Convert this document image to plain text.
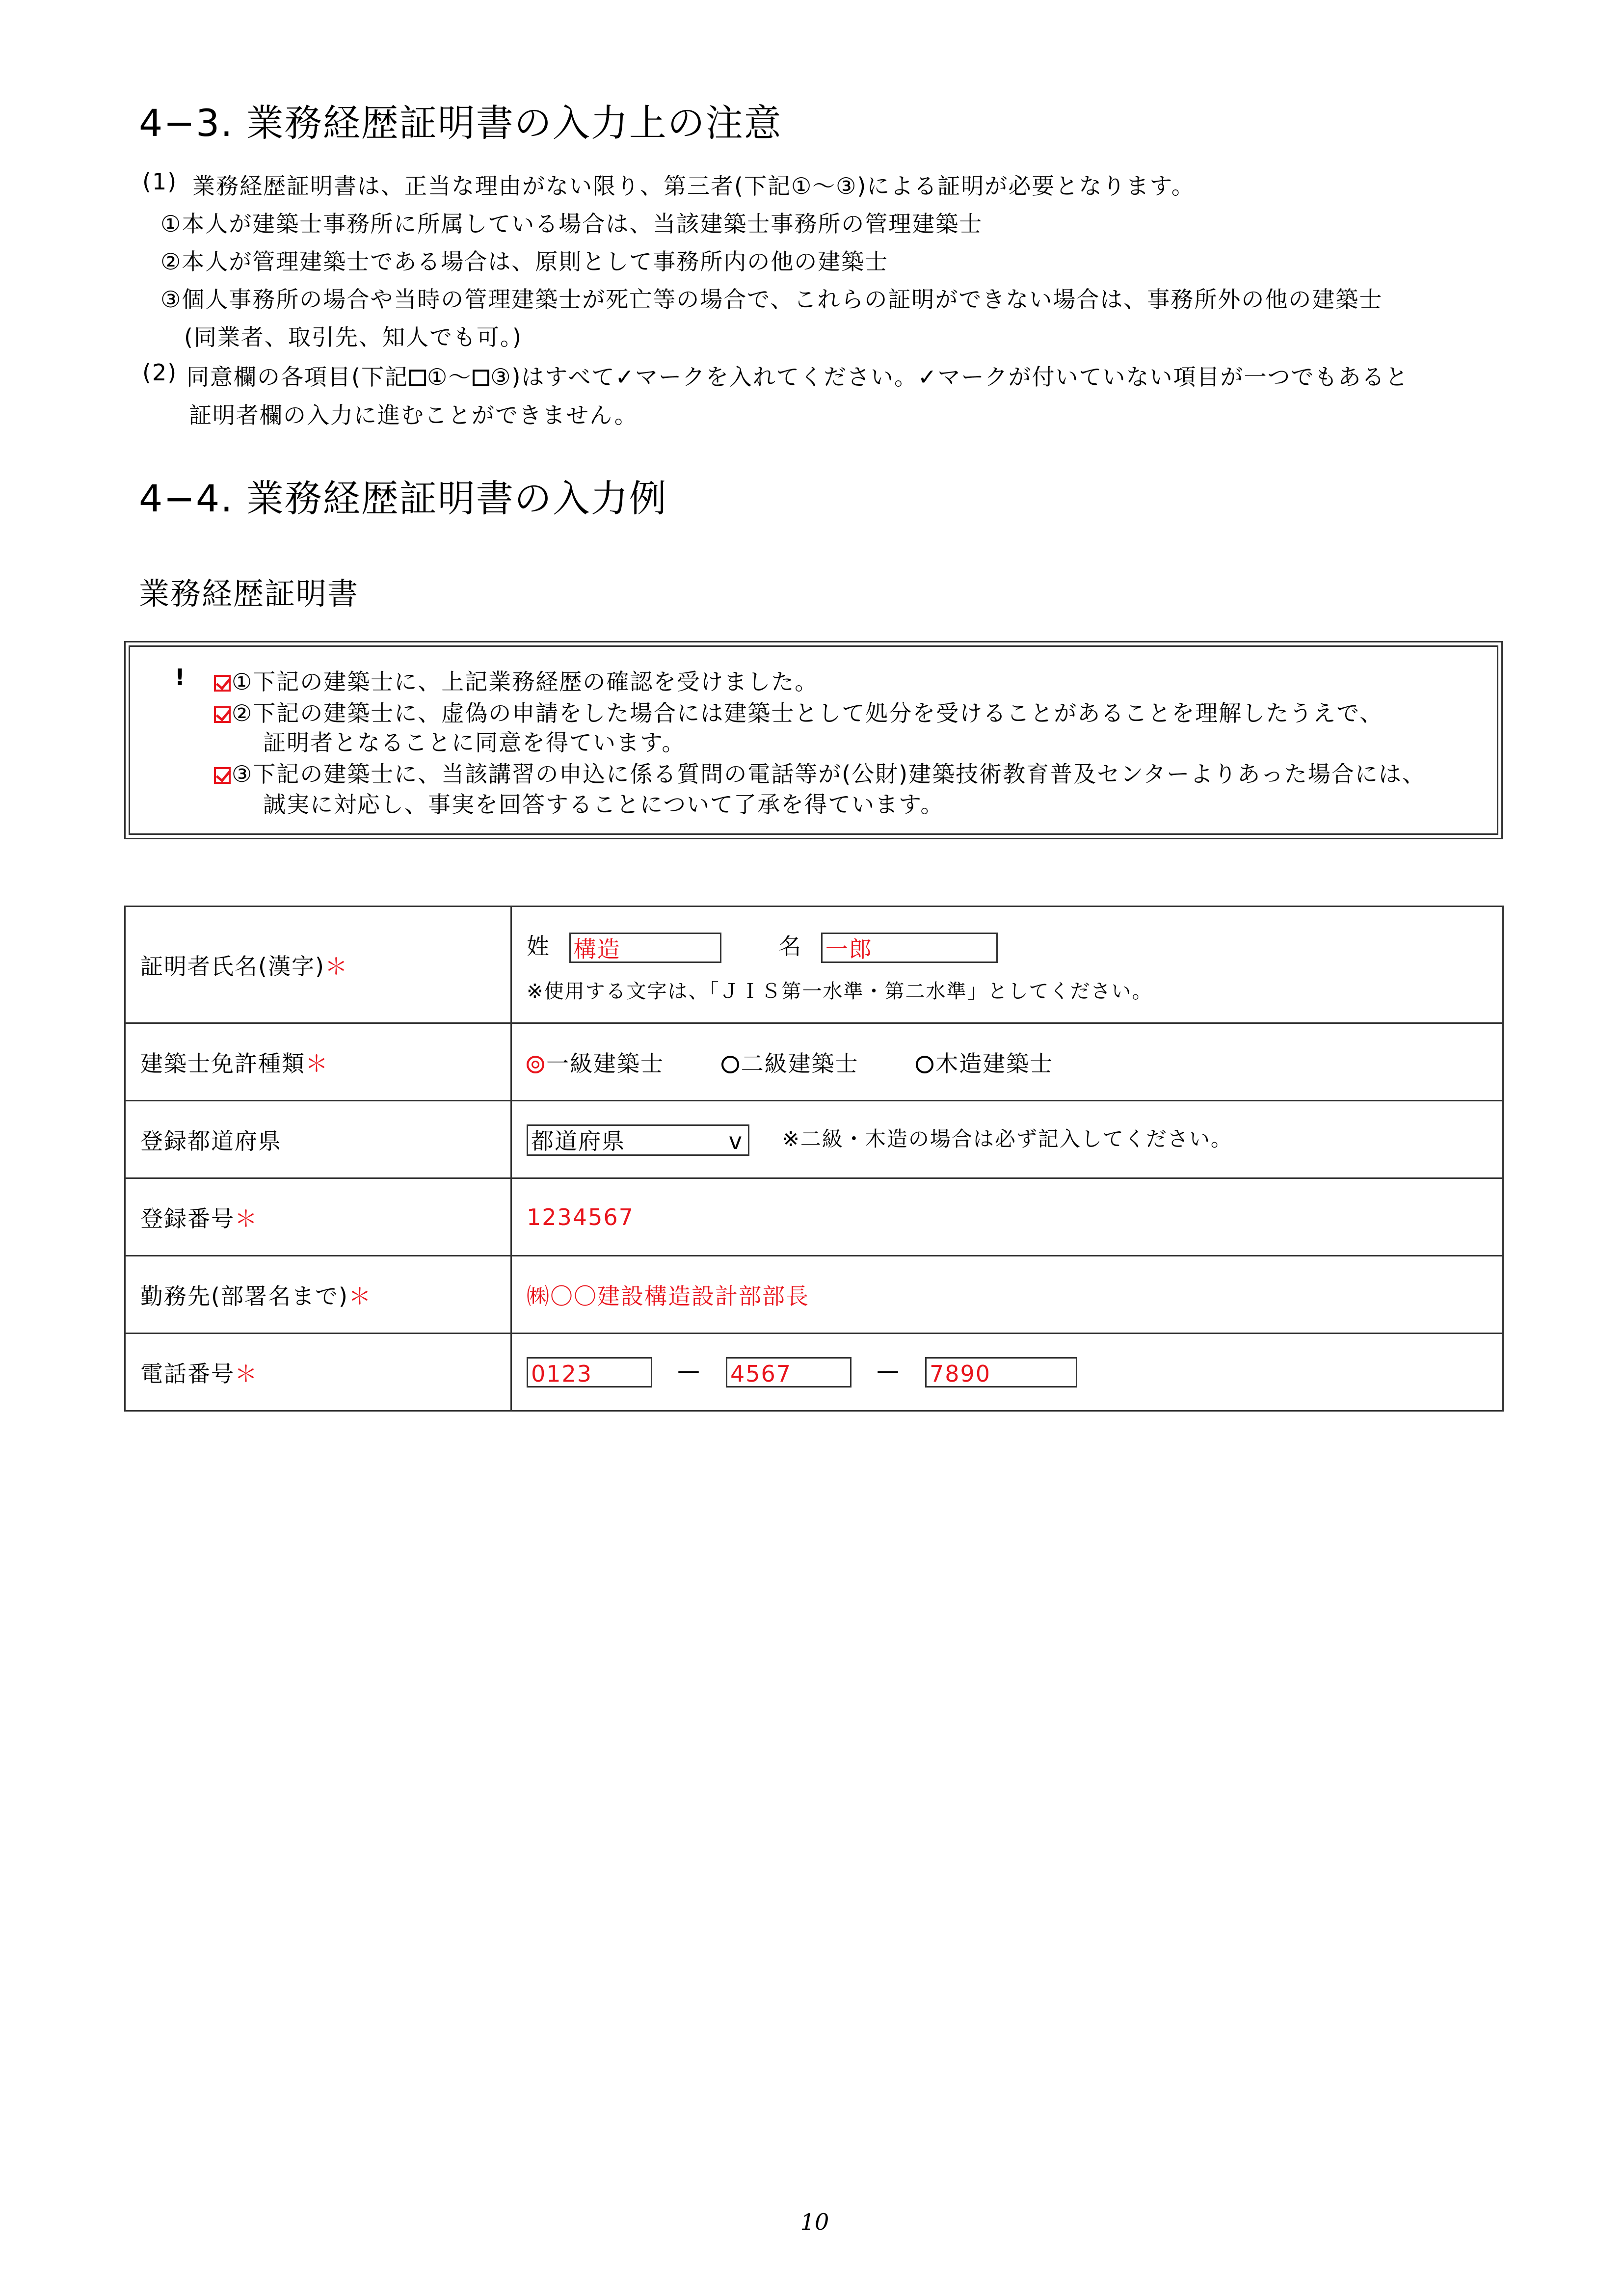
4−3. 業務経歴証明書の入力上の注意
(1) 業務経歴証明書は、正当な理由がない限り、第三者(下記①～③)による証明が必要となります。
①本人が建築士事務所に所属している場合は、当該建築士事務所の管理建築士
②本人が管理建築士である場合は、原則として事務所内の他の建築士
③個人事務所の場合や当時の管理建築士が死亡等の場合で、これらの証明ができない場合は、事務所外の他の建築士
(同業者、取引先、知人でも可。)
(2) 同意欄の各項目(下記 ①～ ③)はすべて✓マークを入れてください。✓マークが付いていない項目が一つでもあると
証明者欄の入力に進むことができません。
4−4. 業務経歴証明書の入力例
業務経歴証明書
!	①下記の建築士に、上記業務経歴の確認を受けました。
②下記の建築士に、虚偽の申請をした場合には建築士として処分を受けることがあることを理解したうえで、
証明者となることに同意を得ています。
③下記の建築士に、当該講習の申込に係る質問の電話等が(公財)建築技術教育普及センターよりあった場合には、
誠実に対応し、事実を回答することについて了承を得ています。
証明者氏名(漢字)＊	姓 構造 名 一郎
※使用する文字は、「ＪＩＳ第一水準・第二水準」としてください。

建築士免許種類＊	一級建築士 二級建築士 木造建築士
登録都道府県	都道府県 v ※二級・木造の場合は必ず記入してください。
登録番号＊	1234567
勤務先(部署名まで)＊	㈱〇〇建設構造設計部部長
電話番号＊	0123 — 4567 — 7890
10
